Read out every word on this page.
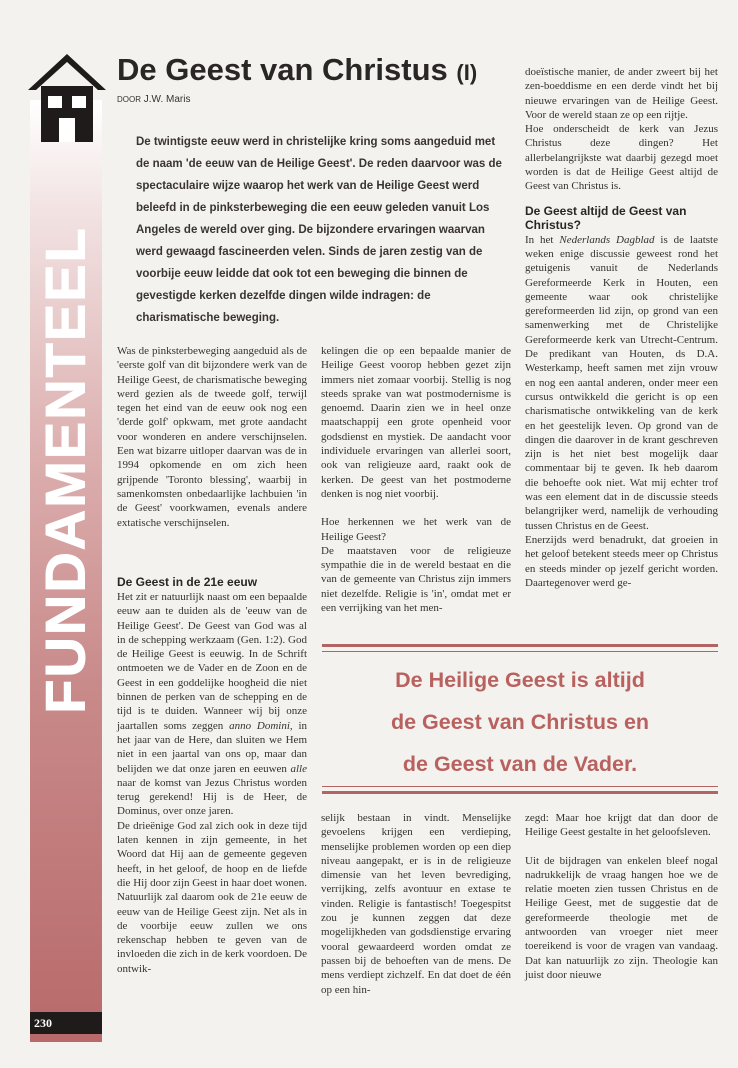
FUNDAMENTEEL
230
De Geest van Christus (I)
DOOR J.W. Maris

De twintigste eeuw werd in christelijke kring soms aangeduid met de naam 'de eeuw van de Heilige Geest'. De reden daarvoor was de spectaculaire wijze waarop het werk van de Heilige Geest werd beleefd in de pinksterbeweging die een eeuw geleden vanuit Los Angeles de wereld over ging. De bijzondere ervaringen waarvan werd gewaagd fascineerden velen. Sinds de jaren zestig van de voorbije eeuw leidde dat ook tot een beweging die binnen de gevestigde kerken dezelfde dingen wilde indragen: de charismatische beweging.

Was de pinksterbeweging aangeduid als de 'eerste golf van dit bijzondere werk van de Heilige Geest, de charismatische beweging werd gezien als de tweede golf, terwijl tegen het eind van de eeuw ook nog een 'derde golf' opkwam, met grote aandacht voor wonderen en andere verschijnselen. Een wat bizarre uitloper daarvan was de in 1994 opkomende en om zich heen grijpende 'Toronto blessing', waarbij in samenkomsten onbedaarlijke lachbuien 'in de Geest' voorkwamen, evenals andere extatische verschijnselen.

kelingen die op een bepaalde manier de Heilige Geest voorop hebben gezet zijn immers niet zomaar voorbij. Stellig is nog steeds sprake van wat postmodernisme is genoemd. Daarin zien we in heel onze maatschappij een grote openheid voor godsdienst en mystiek. De aandacht voor individuele ervaringen van allerlei soort, ook van religieuze aard, raakt ook de kerken. De geest van het postmoderne denken is nog niet voorbij.

Hoe herkennen we het werk van de Heilige Geest?

De maatstaven voor de religieuze sympathie die in de wereld bestaat en die van de gemeente van Christus zijn immers niet dezelfde. Religie is 'in', omdat met er een verrijking van het men-

doeïstische manier, de ander zweert bij het zen-boeddisme en een derde vindt het bij nieuwe ervaringen van de Heilige Geest. Voor de wereld staan ze op een rijtje.

Hoe onderscheidt de kerk van Jezus Christus deze dingen? Het allerbelangrijkste wat daarbij gezegd moet worden is dat de Heilige Geest altijd de Geest van Christus is.

De Geest altijd de Geest van Christus?

In het Nederlands Dagblad is de laatste weken enige discussie geweest rond het getuigenis vanuit de Nederlands Gereformeerde Kerk in Houten, een gemeente waar ook christelijke gereformeerden lid zijn, op grond van een samenwerking met de Christelijke Gereformeerde kerk van Utrecht-Centrum. De predikant van Houten, ds D.A. Westerkamp, heeft samen met zijn vrouw en nog een aantal anderen, onder meer een cursus ontwikkeld die gericht is op een charismatische ontwikkeling van de kerk en het geestelijk leven. Op grond van de dingen die daarover in de krant geschreven zijn is het niet best mogelijk daar commentaar bij te geven. Ik heb daarom die behoefte ook niet. Wat mij echter trof was een element dat in de discussie steeds belangrijker werd, namelijk de verhouding tussen Christus en de Geest.

Enerzijds werd benadrukt, dat groeien in het geloof betekent steeds meer op Christus en steeds minder op jezelf gericht worden. Daartegenover werd ge-

De Geest in de 21e eeuw

Het zit er natuurlijk naast om een bepaalde eeuw aan te duiden als de 'eeuw van de Heilige Geest'. De Geest van God was al in de schepping werkzaam (Gen. 1:2). God de Heilige Geest is eeuwig. In de Schrift ontmoeten we de Vader en de Zoon en de Geest in een goddelijke hoogheid die niet binnen de perken van de schepping en de tijd is te duiden. Wanneer wij bij onze jaartallen soms zeggen anno Domini, in het jaar van de Here, dan sluiten we Hem niet in een jaartal van ons op, maar dan belijden we dat onze jaren en eeuwen alle naar de komst van Jezus Christus worden terug gerekend! Hij is de Heer, de Dominus, over onze jaren.

De drieënige God zal zich ook in deze tijd laten kennen in zijn gemeente, in het Woord dat Hij aan de gemeente gegeven heeft, in het geloof, de hoop en de liefde die Hij door zijn Geest in haar doet wonen. Natuurlijk zal daarom ook de 21e eeuw de eeuw van de Heilige Geest zijn. Net als in de voorbije eeuw zullen we ons rekenschap hebben te geven van de invloeden die zich in de kerk voordoen. De ontwik-

De Heilige Geest is altijd
de Geest van Christus en
de Geest van de Vader.

selijk bestaan in vindt. Menselijke gevoelens krijgen een verdieping, menselijke problemen worden op een diep niveau aangepakt, er is in de religieuze dimensie van het leven bevrediging, verrijking, zelfs avontuur en extase te vinden. Religie is fantastisch! Toegespitst zou je kunnen zeggen dat deze mogelijkheden van godsdienstige ervaring vooral gewaardeerd worden omdat ze passen bij de behoeften van de mens. De mens verdiept zichzelf. En dat doet de één op een hin-

zegd: Maar hoe krijgt dat dan door de Heilige Geest gestalte in het geloofsleven.

Uit de bijdragen van enkelen bleef nogal nadrukkelijk de vraag hangen hoe we de relatie moeten zien tussen Christus en de Heilige Geest, met de suggestie dat de gereformeerde theologie met de antwoorden van vroeger niet meer toereikend is voor de vragen van vandaag. Dat kan natuurlijk zo zijn. Theologie kan juist door nieuwe
